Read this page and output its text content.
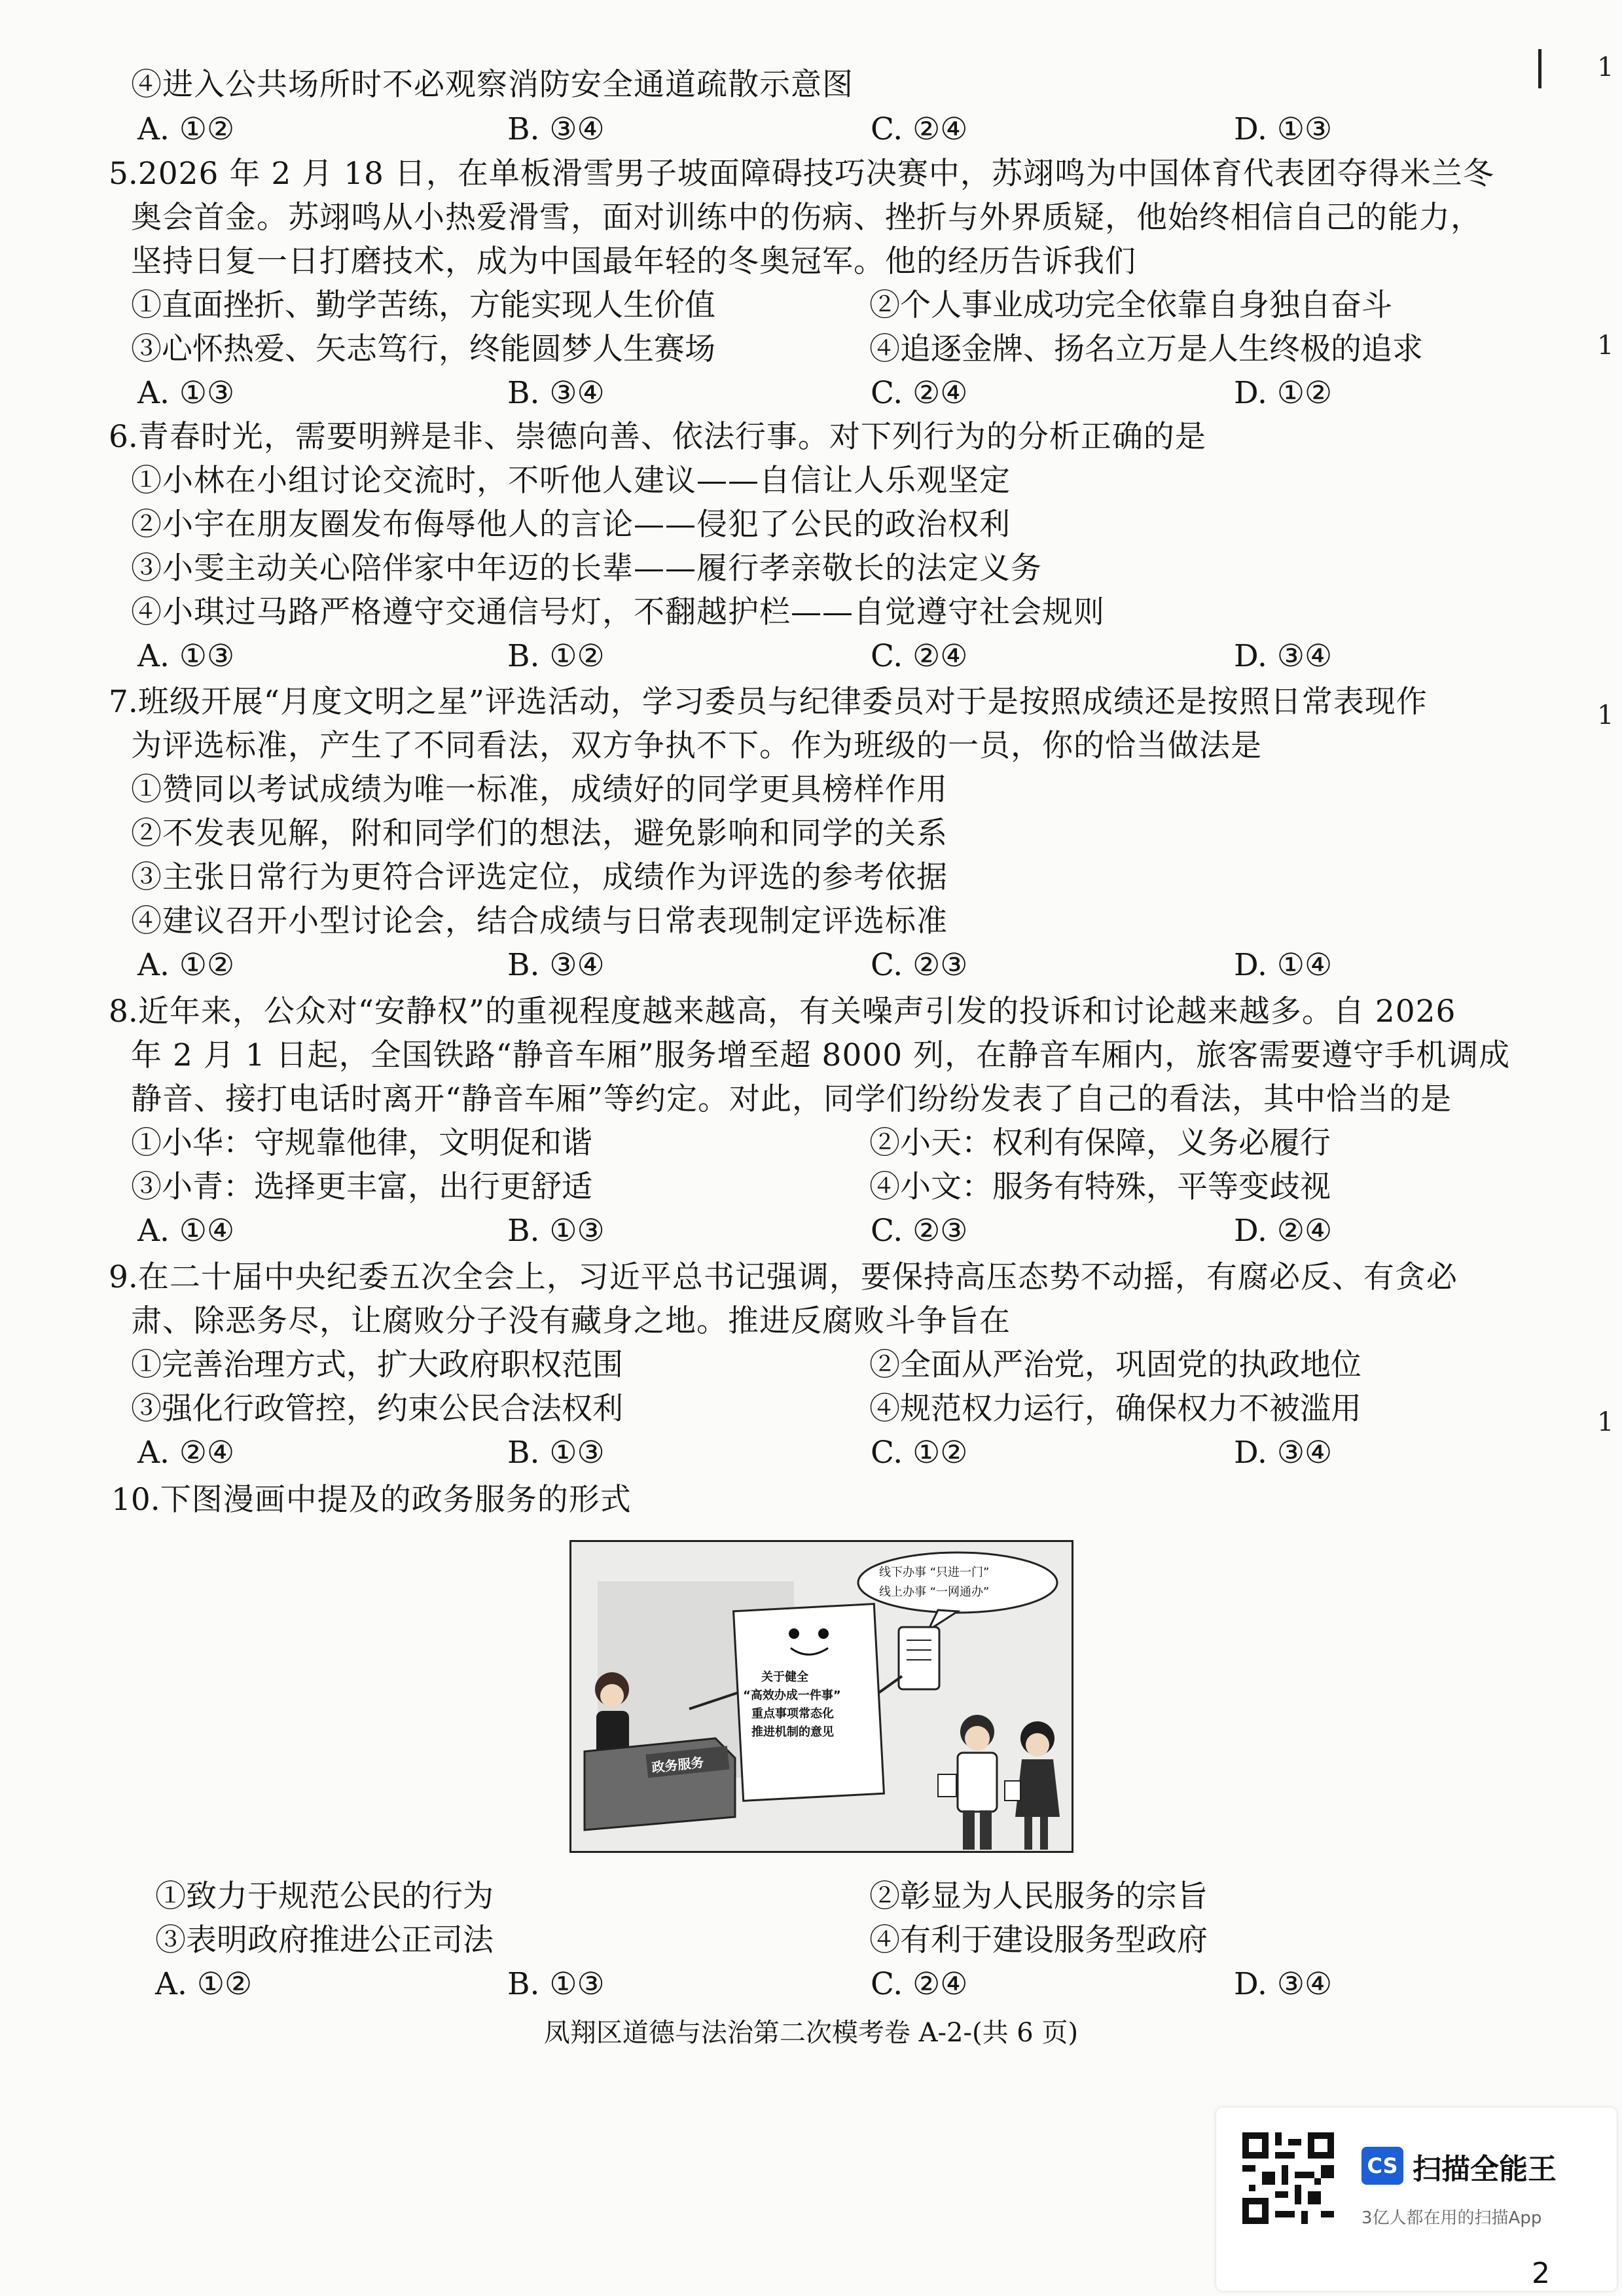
1
1
1
1
④进入公共场所时不必观察消防安全通道疏散示意图
A. ①②	B. ③④	C. ②④	D. ①③
5.2026 年 2 月 18 日，在单板滑雪男子坡面障碍技巧决赛中，苏翊鸣为中国体育代表团夺得米兰冬
奥会首金。苏翊鸣从小热爱滑雪，面对训练中的伤病、挫折与外界质疑，他始终相信自己的能力，
坚持日复一日打磨技术，成为中国最年轻的冬奥冠军。他的经历告诉我们
①直面挫折、勤学苦练，方能实现人生价值	②个人事业成功完全依靠自身独自奋斗
③心怀热爱、矢志笃行，终能圆梦人生赛场	④追逐金牌、扬名立万是人生终极的追求
A. ①③	B. ③④	C. ②④	D. ①②
6.青春时光，需要明辨是非、崇德向善、依法行事。对下列行为的分析正确的是
①小林在小组讨论交流时，不听他人建议——自信让人乐观坚定
②小宇在朋友圈发布侮辱他人的言论——侵犯了公民的政治权利
③小雯主动关心陪伴家中年迈的长辈——履行孝亲敬长的法定义务
④小琪过马路严格遵守交通信号灯，不翻越护栏——自觉遵守社会规则
A. ①③	B. ①②	C. ②④	D. ③④
7.班级开展“月度文明之星”评选活动，学习委员与纪律委员对于是按照成绩还是按照日常表现作
为评选标准，产生了不同看法，双方争执不下。作为班级的一员，你的恰当做法是
①赞同以考试成绩为唯一标准，成绩好的同学更具榜样作用
②不发表见解，附和同学们的想法，避免影响和同学的关系
③主张日常行为更符合评选定位，成绩作为评选的参考依据
④建议召开小型讨论会，结合成绩与日常表现制定评选标准
A. ①②	B. ③④	C. ②③	D. ①④
8.近年来，公众对“安静权”的重视程度越来越高，有关噪声引发的投诉和讨论越来越多。自 2026
年 2 月 1 日起，全国铁路“静音车厢”服务增至超 8000 列，在静音车厢内，旅客需要遵守手机调成
静音、接打电话时离开“静音车厢”等约定。对此，同学们纷纷发表了自己的看法，其中恰当的是
①小华：守规靠他律，文明促和谐	②小天：权利有保障，义务必履行
③小青：选择更丰富，出行更舒适	④小文：服务有特殊，平等变歧视
A. ①④	B. ①③	C. ②③	D. ②④
9.在二十届中央纪委五次全会上，习近平总书记强调，要保持高压态势不动摇，有腐必反、有贪必
肃、除恶务尽，让腐败分子没有藏身之地。推进反腐败斗争旨在
①完善治理方式，扩大政府职权范围	②全面从严治党，巩固党的执政地位
③强化行政管控，约束公民合法权利	④规范权力运行，确保权力不被滥用
A. ②④	B. ①③	C. ①②	D. ③④
10.下图漫画中提及的政务服务的形式
线下办事 “只进一门”
线上办事 “一网通办”
关于健全
“高效办成一件事”
重点事项常态化
推进机制的意见
政务服务
①致力于规范公民的行为	②彰显为人民服务的宗旨
③表明政府推进公正司法	④有利于建设服务型政府
A. ①②	B. ①③	C. ②④	D. ③④
凤翔区道德与法治第二次模考卷 A-2-(共 6 页)
CS 扫描全能王
3亿人都在用的扫描App
2
